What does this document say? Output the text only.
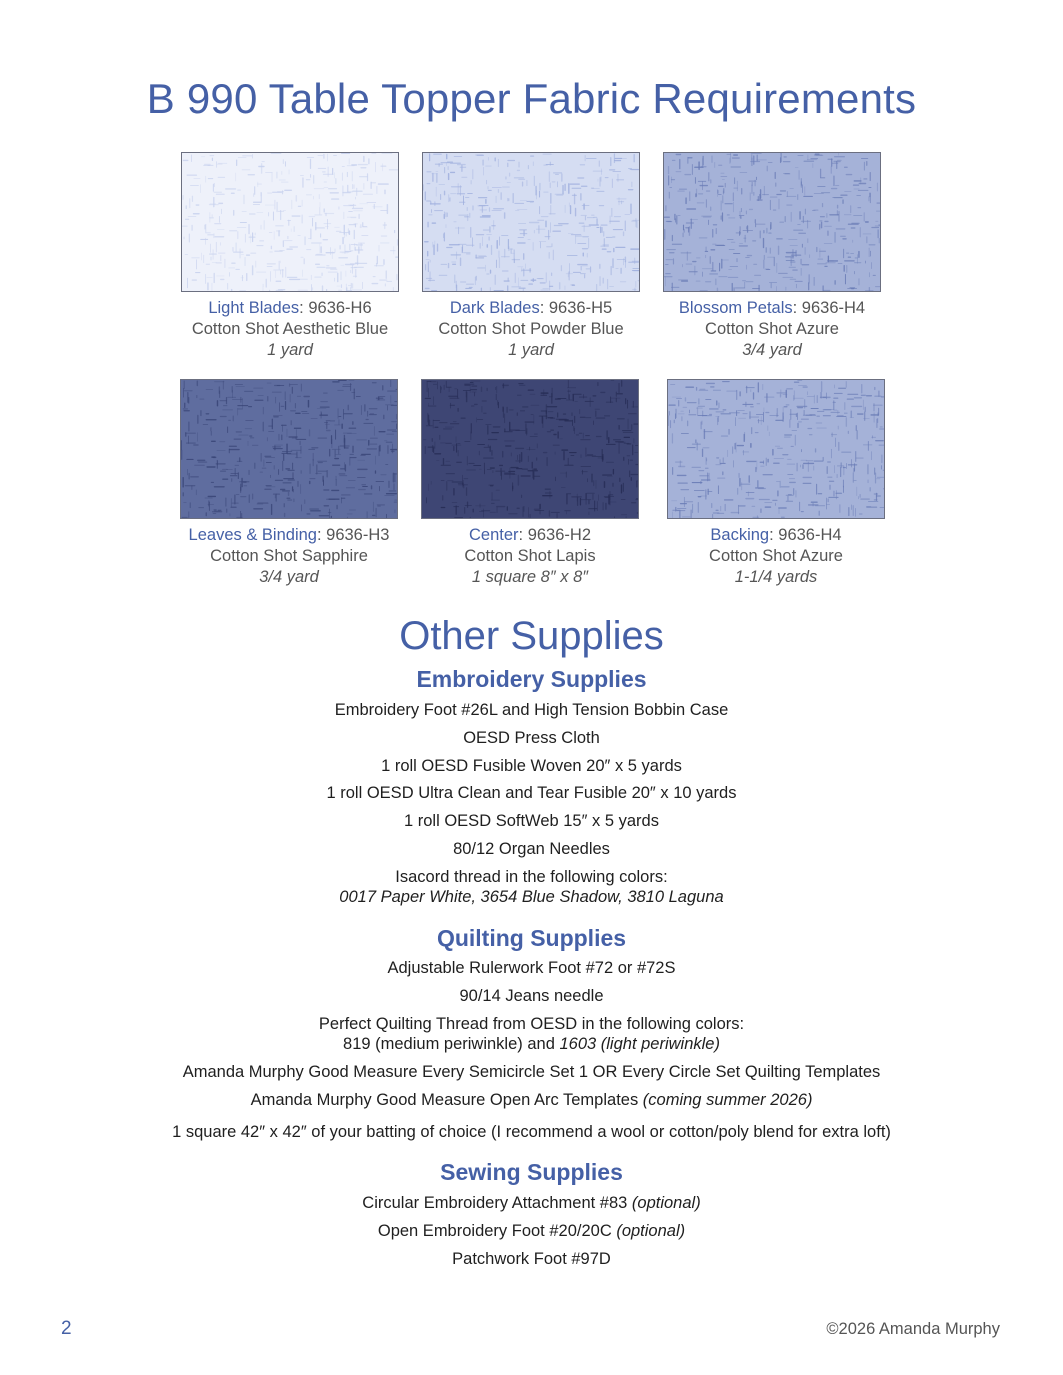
B 990 Table Topper Fabric Requirements
Light Blades: 9636-H6
Cotton Shot Aesthetic Blue
1 yard
Dark Blades: 9636-H5
Cotton Shot Powder Blue
1 yard
Blossom Petals: 9636-H4
Cotton Shot Azure
3/4 yard
Leaves & Binding: 9636-H3
Cotton Shot Sapphire
3/4 yard
Center: 9636-H2
Cotton Shot Lapis
1 square 8″ x 8″
Backing: 9636-H4
Cotton Shot Azure
1-1/4 yards
Other Supplies
Embroidery Supplies
Embroidery Foot #26L and High Tension Bobbin Case
OESD Press Cloth
1 roll OESD Fusible Woven 20″ x 5 yards
1 roll OESD Ultra Clean and Tear Fusible 20″ x 10 yards
1 roll OESD SoftWeb 15″ x 5 yards
80/12 Organ Needles
Isacord thread in the following colors:
0017 Paper White, 3654 Blue Shadow, 3810 Laguna
Quilting Supplies
Adjustable Rulerwork Foot #72 or #72S
90/14 Jeans needle
Perfect Quilting Thread from OESD in the following colors:
819 (medium periwinkle) and 1603 (light periwinkle)
Amanda Murphy Good Measure Every Semicircle Set 1 OR Every Circle Set Quilting Templates
Amanda Murphy Good Measure Open Arc Templates (coming summer 2026)
1 square 42″ x 42″ of your batting of choice (I recommend a wool or cotton/poly blend for extra loft)
Sewing Supplies
Circular Embroidery Attachment #83 (optional)
Open Embroidery Foot #20/20C (optional)
Patchwork Foot #97D
2	©2026 Amanda Murphy
